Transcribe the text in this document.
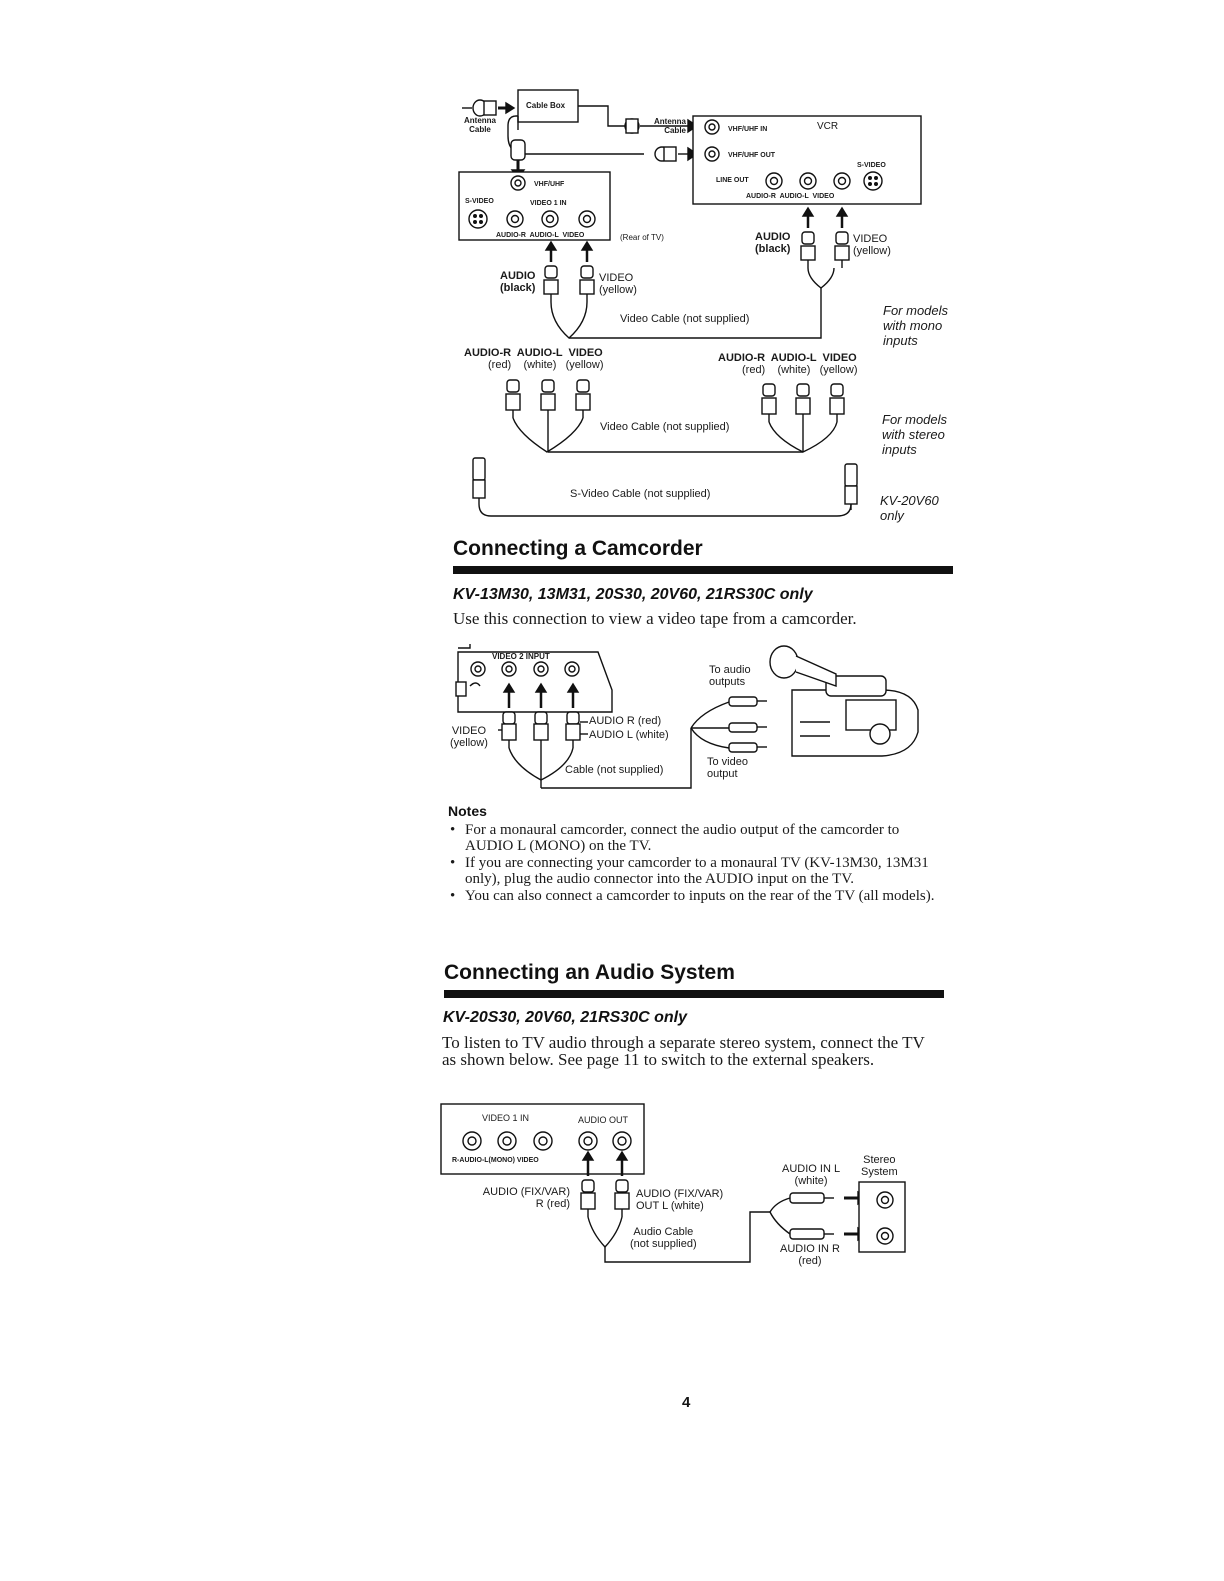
Antenna Cable
Cable Box
Antenna Cable	VCR
VHF/UHF IN
VHF/UHF OUT
S-VIDEO
LINE OUT
AUDIO-R  AUDIO-L  VIDEO
VHF/UHF
S-VIDEO	VIDEO 1 IN
AUDIO-R  AUDIO-L  VIDEO	(Rear of TV)	AUDIO
(black)
VIDEO
(yellow)
AUDIO
(black)
VIDEO
(yellow)
Video Cable (not supplied)
For models
with mono
inputs
AUDIO-R  AUDIO-L  VIDEO
(red)    (white)   (yellow)
AUDIO-R  AUDIO-L  VIDEO
(red)    (white)   (yellow)
Video Cable (not supplied)	For models
with stereo
inputs
S-Video Cable (not supplied)	KV-20V60
only
Connecting a Camcorder
KV-13M30, 13M31, 20S30, 20V60, 21RS30C only
Use this connection to view a video tape from a camcorder.
VIDEO 2 INPUT
To audio
outputs
AUDIO R (red)
AUDIO L (white)
VIDEO
(yellow)
Cable (not supplied)
To video
output
Notes
• For a monaural camcorder, connect the audio output of the camcorder to AUDIO L (MONO) on the TV.
• If you are connecting your camcorder to a monaural TV (KV-13M30, 13M31 only), plug the audio connector into the AUDIO input on the TV.
• You can also connect a camcorder to inputs on the rear of the TV (all models).
Connecting an Audio System
KV-20S30, 20V60, 21RS30C only
To listen to TV audio through a separate stereo system, connect the TV as shown below. See page 11 to switch to the external speakers.
VIDEO 1 IN	AUDIO OUT
R-AUDIO-L(MONO) VIDEO
AUDIO (FIX/VAR)
R (red)
AUDIO (FIX/VAR)
OUT L (white)
Audio Cable
(not supplied)
AUDIO IN L
(white)
Stereo
System
AUDIO IN R
(red)
4
